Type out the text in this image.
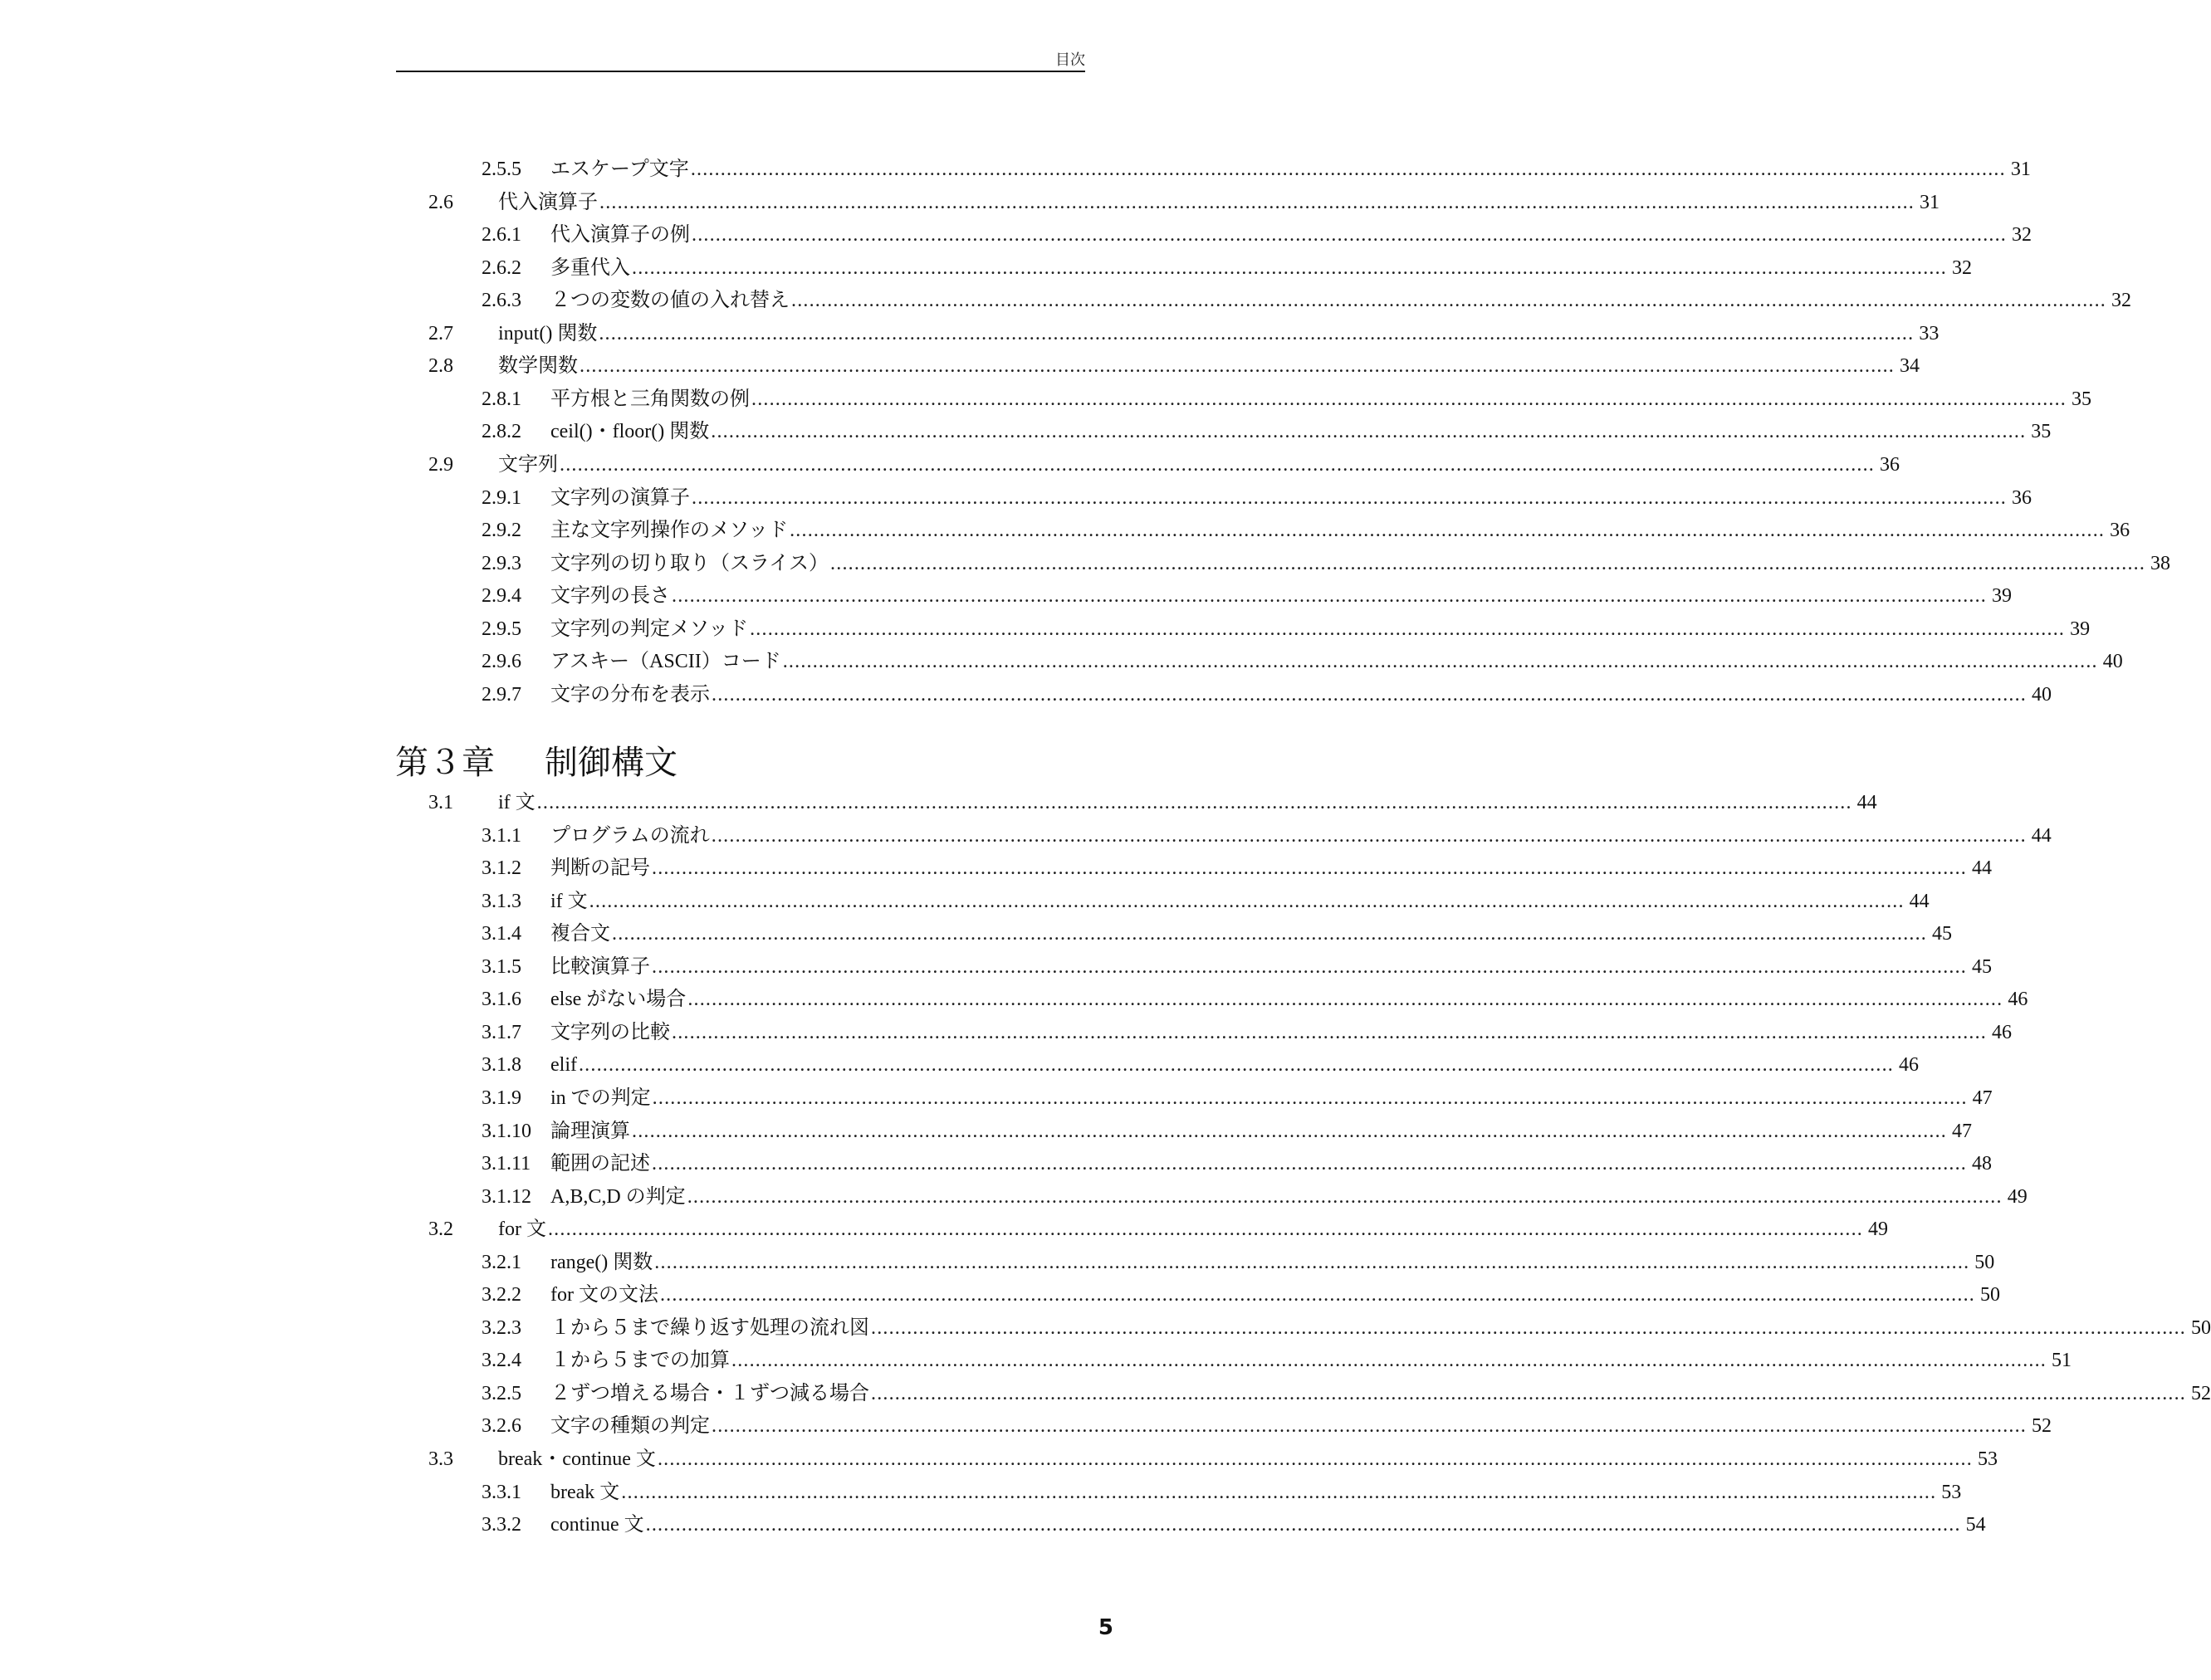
目次
2.5.5 エスケープ文字 ............................................................................................................................................................................................................................ 31
2.6 代入演算子 ............................................................................................................................................................................................................................ 31
2.6.1 代入演算子の例 ............................................................................................................................................................................................................................ 32
2.6.2 多重代入 ............................................................................................................................................................................................................................ 32
2.6.3 ２つの変数の値の入れ替え ............................................................................................................................................................................................................................ 32
2.7 input() 関数 ............................................................................................................................................................................................................................ 33
2.8 数学関数 ............................................................................................................................................................................................................................ 34
2.8.1 平方根と三角関数の例 ............................................................................................................................................................................................................................ 35
2.8.2 ceil()・floor() 関数 ............................................................................................................................................................................................................................ 35
2.9 文字列 ............................................................................................................................................................................................................................ 36
2.9.1 文字列の演算子 ............................................................................................................................................................................................................................ 36
2.9.2 主な文字列操作のメソッド ............................................................................................................................................................................................................................ 36
2.9.3 文字列の切り取り（スライス） ............................................................................................................................................................................................................................ 38
2.9.4 文字列の長さ ............................................................................................................................................................................................................................ 39
2.9.5 文字列の判定メソッド ............................................................................................................................................................................................................................ 39
2.9.6 アスキー（ASCII）コード ............................................................................................................................................................................................................................ 40
2.9.7 文字の分布を表示 ............................................................................................................................................................................................................................ 40
第３章 制御構文
3.1 if 文 ............................................................................................................................................................................................................................ 44
3.1.1 プログラムの流れ ............................................................................................................................................................................................................................ 44
3.1.2 判断の記号 ............................................................................................................................................................................................................................ 44
3.1.3 if 文 ............................................................................................................................................................................................................................ 44
3.1.4 複合文 ............................................................................................................................................................................................................................ 45
3.1.5 比較演算子 ............................................................................................................................................................................................................................ 45
3.1.6 else がない場合 ............................................................................................................................................................................................................................ 46
3.1.7 文字列の比較 ............................................................................................................................................................................................................................ 46
3.1.8 elif ............................................................................................................................................................................................................................ 46
3.1.9 in での判定 ............................................................................................................................................................................................................................ 47
3.1.10 論理演算 ............................................................................................................................................................................................................................ 47
3.1.11 範囲の記述 ............................................................................................................................................................................................................................ 48
3.1.12 A,B,C,D の判定 ............................................................................................................................................................................................................................ 49
3.2 for 文 ............................................................................................................................................................................................................................ 49
3.2.1 range() 関数 ............................................................................................................................................................................................................................ 50
3.2.2 for 文の文法 ............................................................................................................................................................................................................................ 50
3.2.3 １から５まで繰り返す処理の流れ図 ............................................................................................................................................................................................................................ 50
3.2.4 １から５までの加算 ............................................................................................................................................................................................................................ 51
3.2.5 ２ずつ増える場合・１ずつ減る場合 ............................................................................................................................................................................................................................ 52
3.2.6 文字の種類の判定 ............................................................................................................................................................................................................................ 52
3.3 break・continue 文 ............................................................................................................................................................................................................................ 53
3.3.1 break 文 ............................................................................................................................................................................................................................ 53
3.3.2 continue 文 ............................................................................................................................................................................................................................ 54
5
